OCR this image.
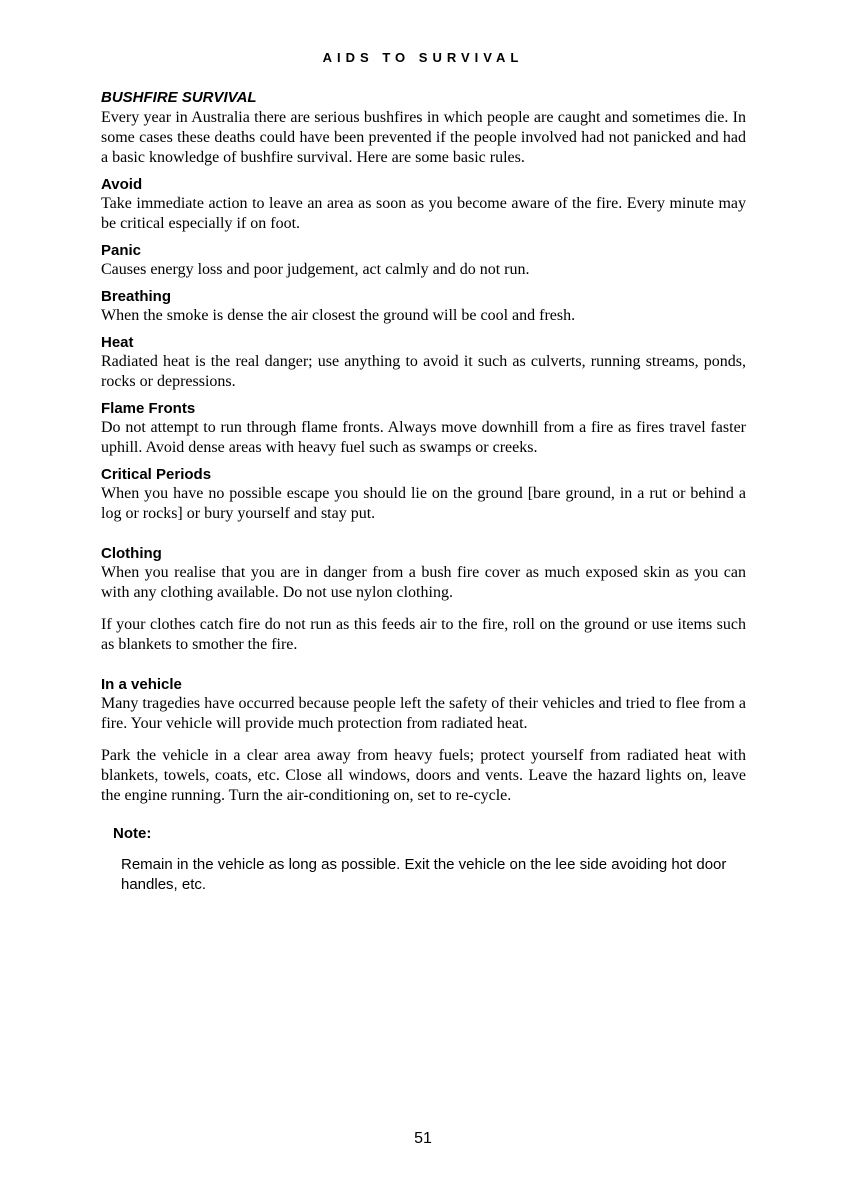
AIDS TO SURVIVAL
BUSHFIRE SURVIVAL

Every year in Australia there are serious bushfires in which people are caught and sometimes die. In some cases these deaths could have been prevented if the people involved had not panicked and had a basic knowledge of bushfire survival. Here are some basic rules.

Avoid

Take immediate action to leave an area as soon as you become aware of the fire. Every minute may be critical especially if on foot.

Panic

Causes energy loss and poor judgement, act calmly and do not run.

Breathing

When the smoke is dense the air closest the ground will be cool and fresh.

Heat

Radiated heat is the real danger; use anything to avoid it such as culverts, running streams, ponds, rocks or depressions.

Flame Fronts

Do not attempt to run through flame fronts. Always move downhill from a fire as fires travel faster uphill. Avoid dense areas with heavy fuel such as swamps or creeks.

Critical Periods

When you have no possible escape you should lie on the ground [bare ground, in a rut or behind a log or rocks] or bury yourself and stay put.

Clothing

When you realise that you are in danger from a bush fire cover as much exposed skin as you can with any clothing available. Do not use nylon clothing.

If your clothes catch fire do not run as this feeds air to the fire, roll on the ground or use items such as blankets to smother the fire.

In a vehicle

Many tragedies have occurred because people left the safety of their vehicles and tried to flee from a fire. Your vehicle will provide much protection from radiated heat.

Park the vehicle in a clear area away from heavy fuels; protect yourself from radiated heat with blankets, towels, coats, etc. Close all windows, doors and vents. Leave the hazard lights on, leave the engine running. Turn the air-conditioning on, set to re-cycle.

Note:

Remain in the vehicle as long as possible. Exit the vehicle on the lee side avoiding hot door handles, etc.

51
